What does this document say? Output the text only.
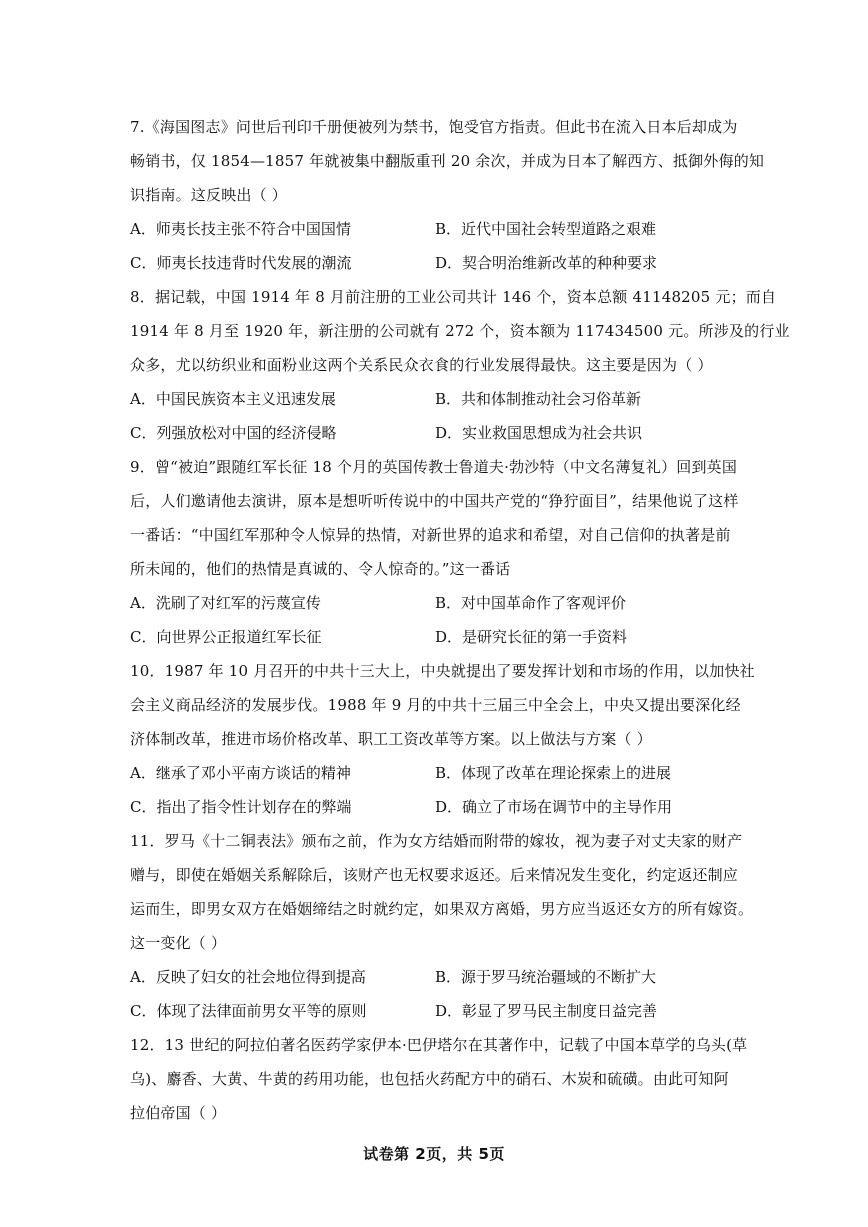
7.《海国图志》问世后刊印千册便被列为禁书，饱受官方指责。但此书在流入日本后却成为
畅销书，仅 1854—1857 年就被集中翻版重刊 20 余次，并成为日本了解西方、抵御外侮的知
识指南。这反映出（ ）
A．师夷长技主张不符合中国国情	B．近代中国社会转型道路之艰难
C．师夷长技违背时代发展的潮流	D．契合明治维新改革的种种要求
8．据记载，中国 1914 年 8 月前注册的工业公司共计 146 个，资本总额 41148205 元；而自
1914 年 8 月至 1920 年，新注册的公司就有 272 个，资本额为 117434500 元。所涉及的行业
众多，尤以纺织业和面粉业这两个关系民众衣食的行业发展得最快。这主要是因为（ ）
A．中国民族资本主义迅速发展	B．共和体制推动社会习俗革新
C．列强放松对中国的经济侵略	D．实业救国思想成为社会共识
9．曾“被迫”跟随红军长征 18 个月的英国传教士鲁道夫·勃沙特（中文名薄复礼）回到英国
后，人们邀请他去演讲，原本是想听听传说中的中国共产党的“狰狞面目”，结果他说了这样
一番话：“中国红军那种令人惊异的热情，对新世界的追求和希望，对自己信仰的执著是前
所未闻的，他们的热情是真诚的、令人惊奇的。”这一番话
A．洗刷了对红军的污蔑宣传	B．对中国革命作了客观评价
C．向世界公正报道红军长征	D．是研究长征的第一手资料
10．1987 年 10 月召开的中共十三大上，中央就提出了要发挥计划和市场的作用，以加快社
会主义商品经济的发展步伐。1988 年 9 月的中共十三届三中全会上，中央又提出要深化经
济体制改革，推进市场价格改革、职工工资改革等方案。以上做法与方案（ ）
A．继承了邓小平南方谈话的精神	B．体现了改革在理论探索上的进展
C．指出了指令性计划存在的弊端	D．确立了市场在调节中的主导作用
11．罗马《十二铜表法》颁布之前，作为女方结婚而附带的嫁妆，视为妻子对丈夫家的财产
赠与，即使在婚姻关系解除后，该财产也无权要求返还。后来情况发生变化，约定返还制应
运而生，即男女双方在婚姻缔结之时就约定，如果双方离婚，男方应当返还女方的所有嫁资。
这一变化（ ）
A．反映了妇女的社会地位得到提高	B．源于罗马统治疆域的不断扩大
C．体现了法律面前男女平等的原则	D．彰显了罗马民主制度日益完善
12．13 世纪的阿拉伯著名医药学家伊本·巴伊塔尔在其著作中，记载了中国本草学的乌头(草
乌)、麝香、大黄、牛黄的药用功能，也包括火药配方中的硝石、木炭和硫磺。由此可知阿
拉伯帝国（ ）
试卷第 2页，共 5页
